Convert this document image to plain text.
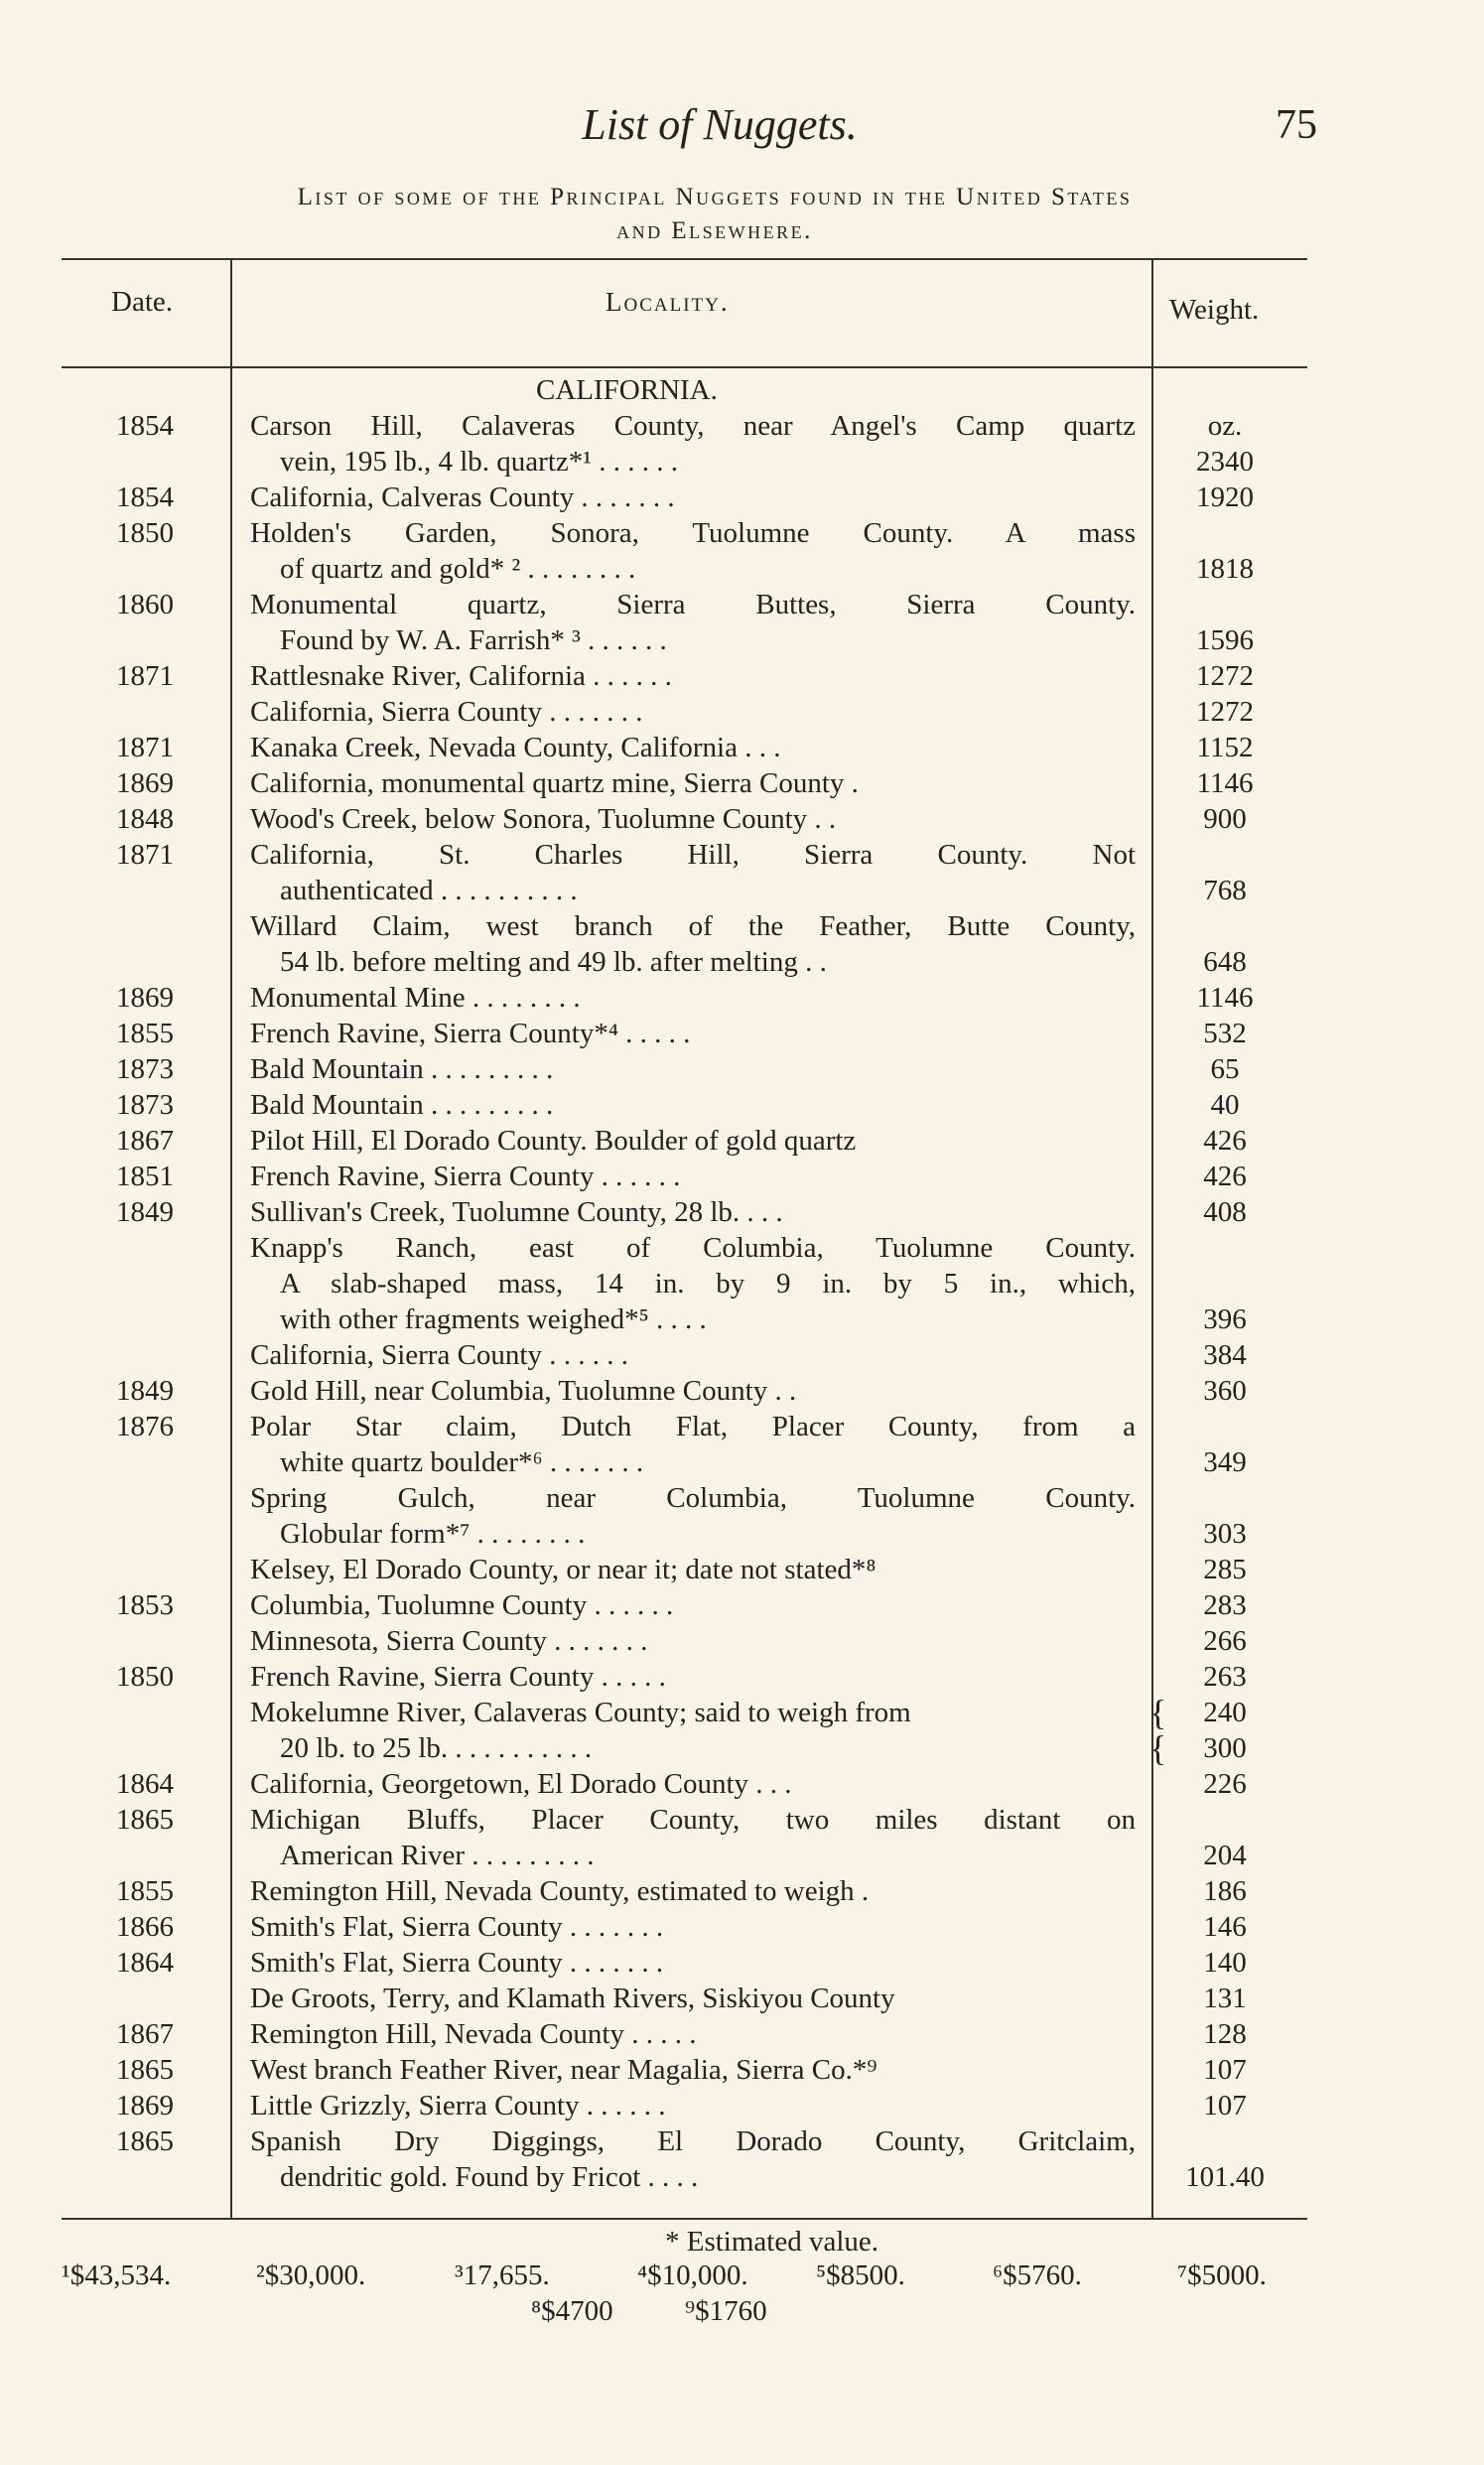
List of Nuggets.	75
List of some of the Principal Nuggets found in the United States
and Elsewhere.
Date.	Locality.	Weight.
CALIFORNIA.
1854	Carson Hill, Calaveras County, near Angel's Camp quartz	oz.
vein, 195 lb., 4 lb. quartz*¹ . . . . . .	2340
1854	California, Calveras County . . . . . . .	1920
1850	Holden's Garden, Sonora, Tuolumne County. A mass
of quartz and gold* ² . . . . . . . .	1818
1860	Monumental quartz, Sierra Buttes, Sierra County.
Found by W. A. Farrish* ³ . . . . . .	1596
1871	Rattlesnake River, California . . . . . .	1272
California, Sierra County . . . . . . .	1272
1871	Kanaka Creek, Nevada County, California . . .	1152
1869	California, monumental quartz mine, Sierra County .	1146
1848	Wood's Creek, below Sonora, Tuolumne County . .	900
1871	California, St. Charles Hill, Sierra County. Not
authenticated . . . . . . . . . .	768
Willard Claim, west branch of the Feather, Butte County,
54 lb. before melting and 49 lb. after melting . .	648
1869	Monumental Mine . . . . . . . .	1146
1855	French Ravine, Sierra County*⁴ . . . . .	532
1873	Bald Mountain . . . . . . . . .	65
1873	Bald Mountain . . . . . . . . .	40
1867	Pilot Hill, El Dorado County. Boulder of gold quartz	426
1851	French Ravine, Sierra County . . . . . .	426
1849	Sullivan's Creek, Tuolumne County, 28 lb. . . .	408
Knapp's Ranch, east of Columbia, Tuolumne County.
A slab-shaped mass, 14 in. by 9 in. by 5 in., which,
with other fragments weighed*⁵ . . . .	396
California, Sierra County . . . . . .	384
1849	Gold Hill, near Columbia, Tuolumne County . .	360
1876	Polar Star claim, Dutch Flat, Placer County, from a
white quartz boulder*⁶ . . . . . . .	349
Spring Gulch, near Columbia, Tuolumne County.
Globular form*⁷ . . . . . . . .	303
Kelsey, El Dorado County, or near it; date not stated*⁸	285
1853	Columbia, Tuolumne County . . . . . .	283
Minnesota, Sierra County . . . . . . .	266
1850	French Ravine, Sierra County . . . . .	263
Mokelumne River, Calaveras County; said to weigh from	240
{
20 lb. to 25 lb. . . . . . . . . . .	300
{
1864	California, Georgetown, El Dorado County . . .	226
1865	Michigan Bluffs, Placer County, two miles distant on
American River . . . . . . . . .	204
1855	Remington Hill, Nevada County, estimated to weigh .	186
1866	Smith's Flat, Sierra County . . . . . . .	146
1864	Smith's Flat, Sierra County . . . . . . .	140
De Groots, Terry, and Klamath Rivers, Siskiyou County	131
1867	Remington Hill, Nevada County . . . . .	128
1865	West branch Feather River, near Magalia, Sierra Co.*⁹	107
1869	Little Grizzly, Sierra County . . . . . .	107
1865	Spanish Dry Diggings, El Dorado County, Gritclaim,
dendritic gold. Found by Fricot . . . .	101.40
* Estimated value.
¹$43,534.	²$30,000.	³17,655.	⁴$10,000. ⁵$8500.	⁶$5760.	⁷$5000.
⁸$4700 ⁹$1760
